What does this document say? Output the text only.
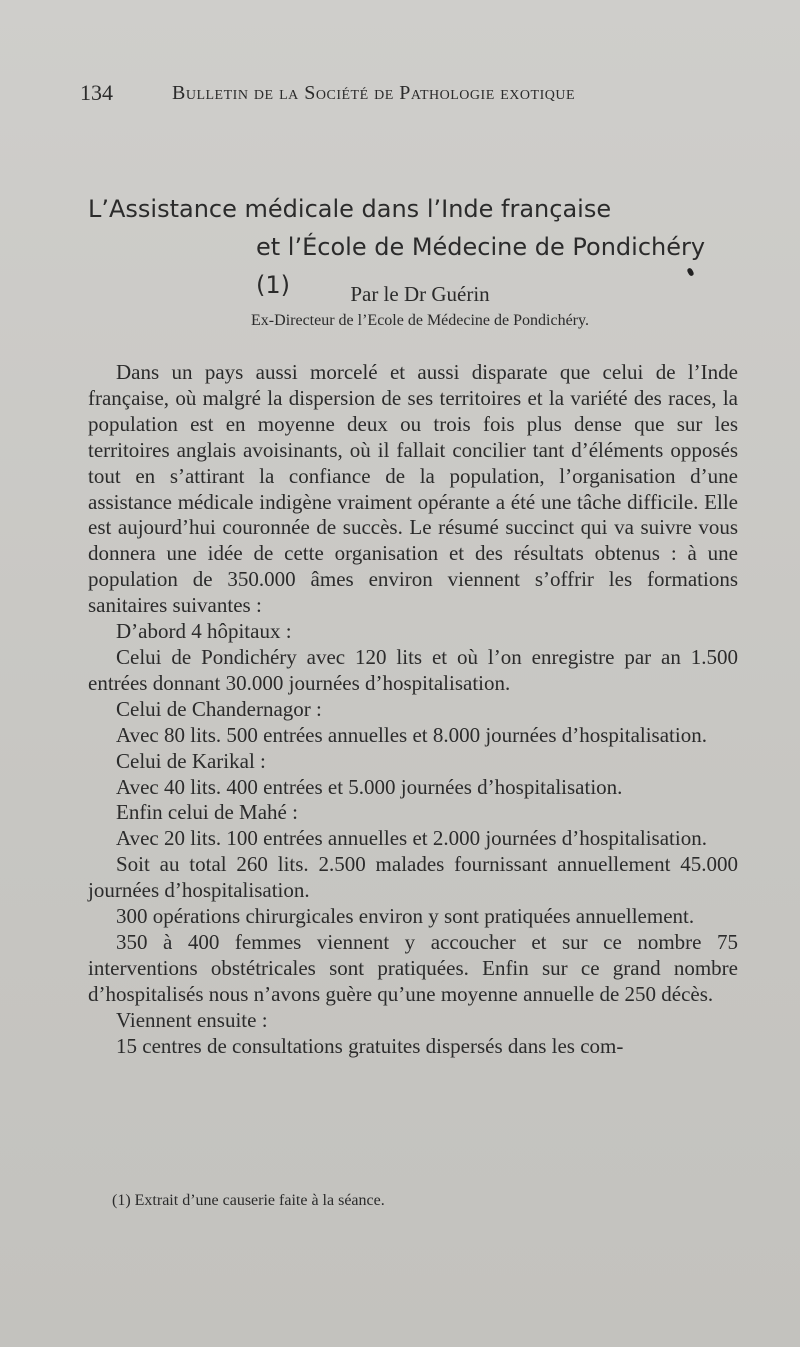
134	Bulletin de la Société de Pathologie exotique
L’Assistance médicale dans l’Inde française
et l’École de Médecine de Pondichéry (1)	Par le Dr Guérin
Ex-Directeur de l’Ecole de Médecine de Pondichéry.

Dans un pays aussi morcelé et aussi disparate que celui de l’Inde française, où malgré la dispersion de ses territoires et la variété des races, la population est en moyenne deux ou trois fois plus dense que sur les territoires anglais avoisinants, où il fallait concilier tant d’éléments opposés tout en s’attirant la confiance de la population, l’organisation d’une assistance médicale indigène vraiment opérante a été une tâche difficile. Elle est aujourd’hui couronnée de succès. Le résumé succinct qui va suivre vous donnera une idée de cette organisation et des résultats obtenus : à une population de 350.000 âmes environ viennent s’offrir les formations sanitaires suivantes :

D’abord 4 hôpitaux :

Celui de Pondichéry avec 120 lits et où l’on enregistre par an 1.500 entrées donnant 30.000 journées d’hospitalisation.

Celui de Chandernagor :

Avec 80 lits. 500 entrées annuelles et 8.000 journées d’hospitalisation.

Celui de Karikal :

Avec 40 lits. 400 entrées et 5.000 journées d’hospitalisation.

Enfin celui de Mahé :

Avec 20 lits. 100 entrées annuelles et 2.000 journées d’hospitalisation.

Soit au total 260 lits. 2.500 malades fournissant annuellement 45.000 journées d’hospitalisation.

300 opérations chirurgicales environ y sont pratiquées annuellement.

350 à 400 femmes viennent y accoucher et sur ce nombre 75 interventions obstétricales sont pratiquées. Enfin sur ce grand nombre d’hospitalisés nous n’avons guère qu’une moyenne annuelle de 250 décès.

Viennent ensuite :

15 centres de consultations gratuites dispersés dans les com-

(1) Extrait d’une causerie faite à la séance.
